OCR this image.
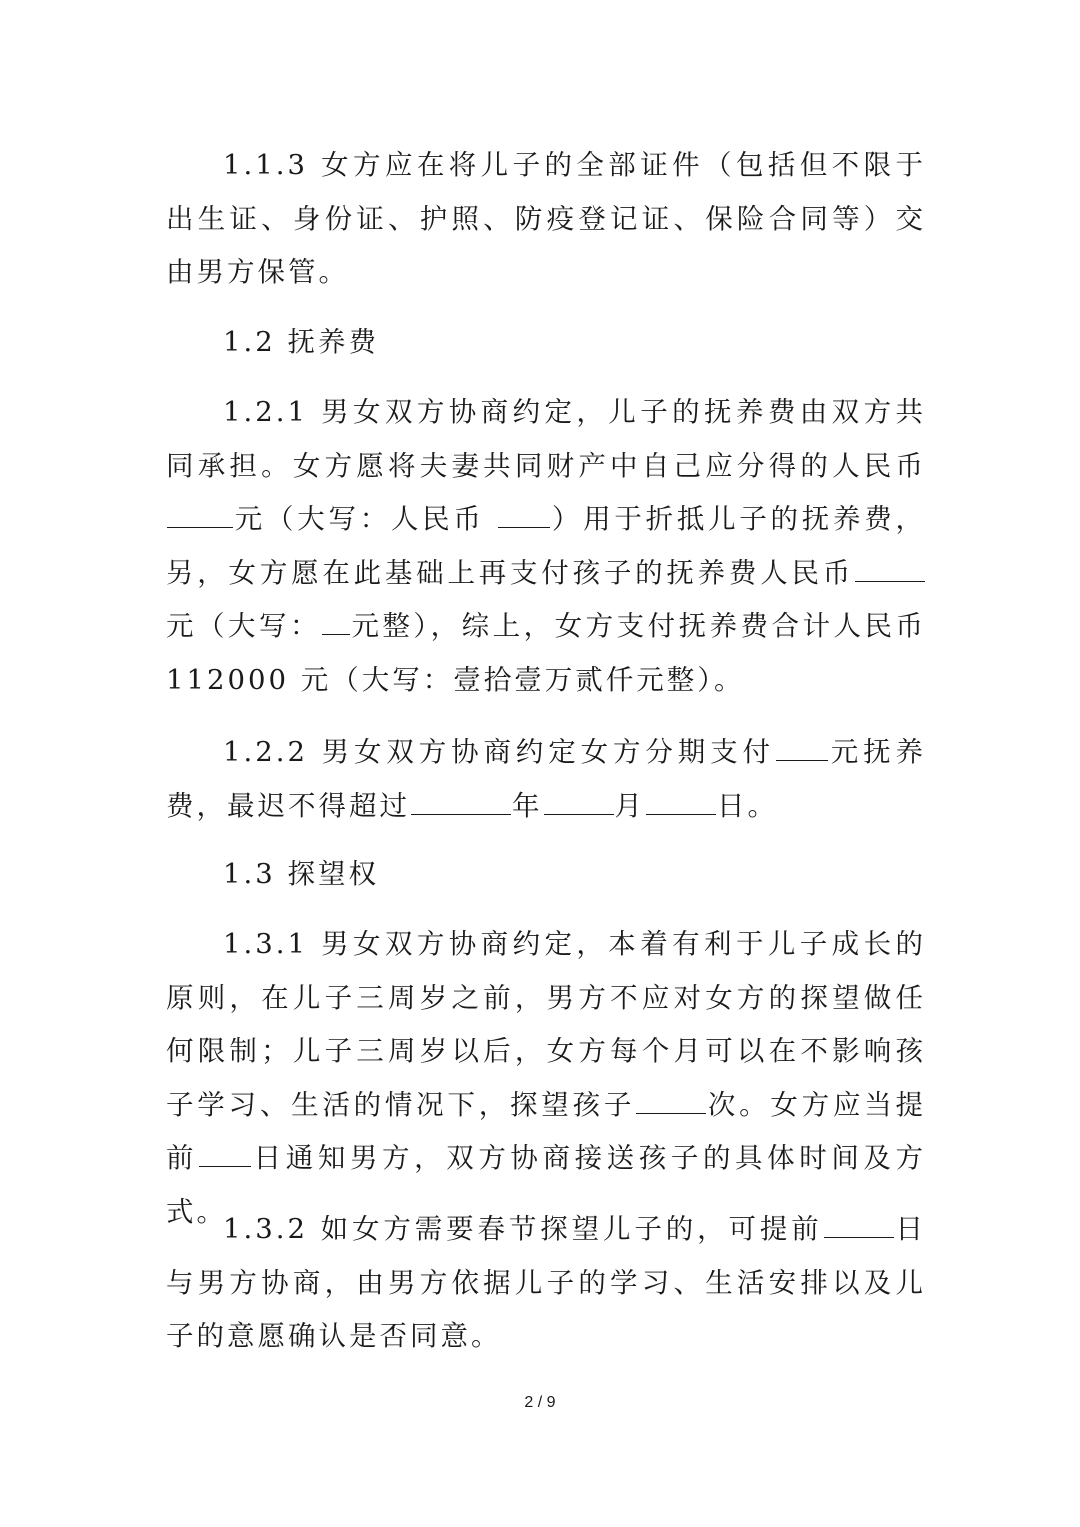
1.1.3 女方应在将儿子的全部证件（包括但不限于出生证、身份证、护照、防疫登记证、保险合同等）交由男方保管。

1.2 抚养费

1.2.1 男女双方协商约定，儿子的抚养费由双方共同承担。女方愿将夫妻共同财产中自己应分得的人民币元（大写：人民币 ）用于折抵儿子的抚养费，另，女方愿在此基础上再支付孩子的抚养费人民币元（大写： 元整），综上，女方支付抚养费合计人民币 112000 元（大写：壹拾壹万贰仟元整）。

1.2.2 男女双方协商约定女方分期支付 元抚养费，最迟不得超过	年	月	日。

1.3 探望权

1.3.1 男女双方协商约定，本着有利于儿子成长的原则，在儿子三周岁之前，男方不应对女方的探望做任何限制；儿子三周岁以后，女方每个月可以在不影响孩子学习、生活的情况下，探望孩子	次。女方应当提前 日通知男方，双方协商接送孩子的具体时间及方式。

1.3.2 如女方需要春节探望儿子的，可提前	日与男方协商，由男方依据儿子的学习、生活安排以及儿子的意愿确认是否同意。

2 / 9
